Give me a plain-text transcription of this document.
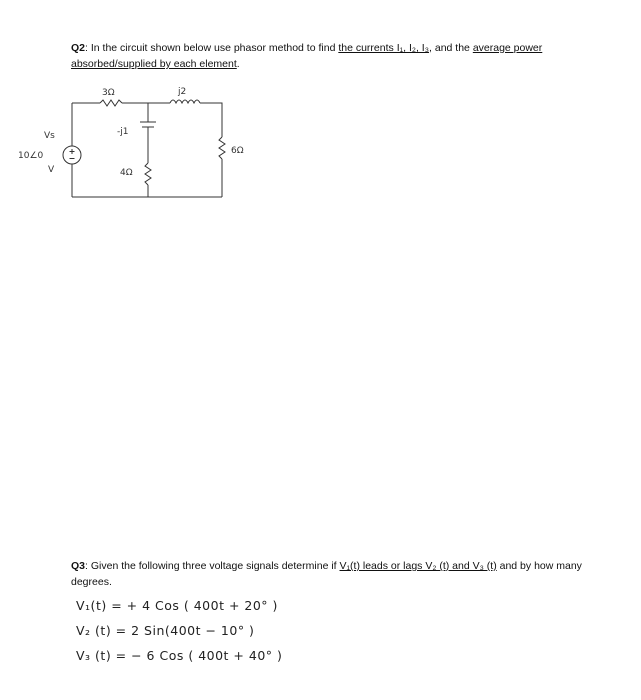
Q2: In the circuit shown below use phasor method to find the currents I₁, I₂, I₃, and the average power absorbed/supplied by each element.
3Ω	j2
-j1
4Ω
6Ω
Vs
10∠0
V
Q3: Given the following three voltage signals determine if V₁(t) leads or lags V₂ (t) and V₃ (t) and by how many degrees.
V₁(t) = + 4 Cos ( 400t + 20° )
V₂ (t) = 2 Sin(400t − 10° )
V₃ (t) = − 6 Cos ( 400t + 40° )
